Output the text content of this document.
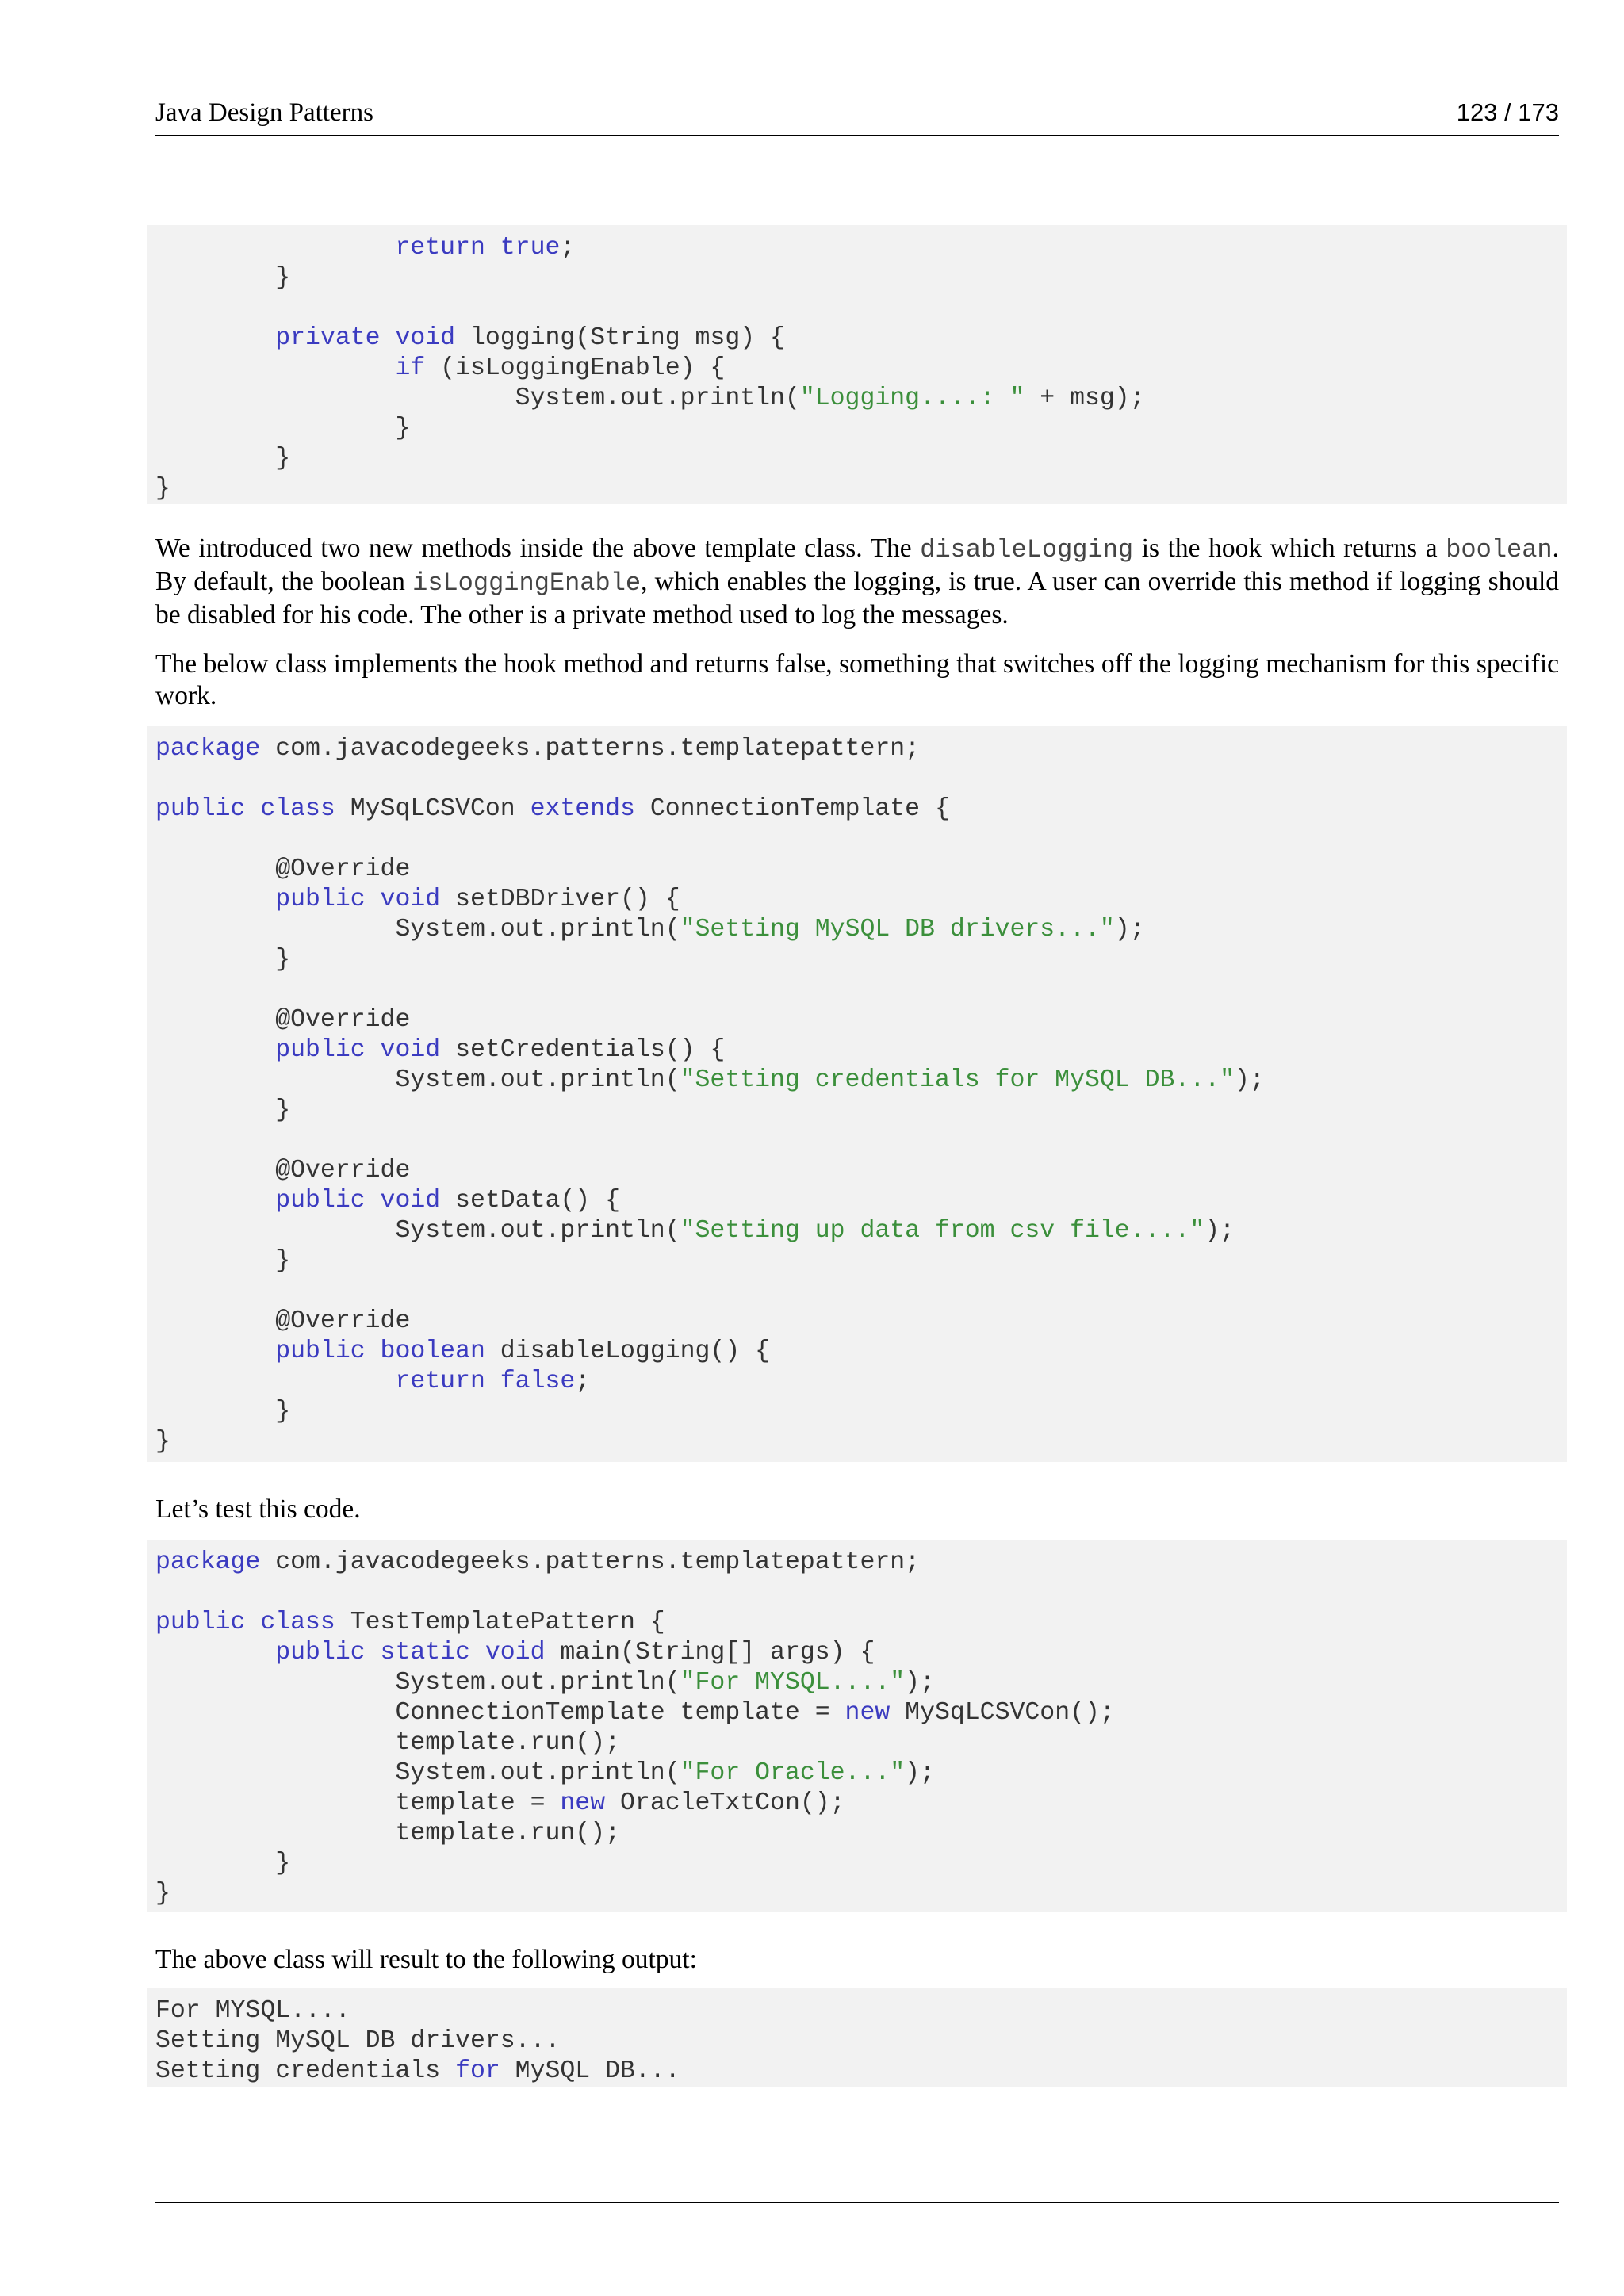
Java Design Patterns	123 / 173
return true;
}
private void logging(String msg) {
if (isLoggingEnable) {
System.out.println("Logging....: " + msg);
}
}
}
We introduced two new methods inside the above template class. The disableLogging is the hook which returns a boolean. By default, the boolean isLoggingEnable, which enables the logging, is true. A user can override this method if logging should be disabled for his code. The other is a private method used to log the messages.
The below class implements the hook method and returns false, something that switches off the logging mechanism for this specific work.
package com.javacodegeeks.patterns.templatepattern;
public class MySqLCSVCon extends ConnectionTemplate {
@Override
public void setDBDriver() {
System.out.println("Setting MySQL DB drivers...");
}
@Override
public void setCredentials() {
System.out.println("Setting credentials for MySQL DB...");
}
@Override
public void setData() {
System.out.println("Setting up data from csv file....");
}
@Override
public boolean disableLogging() {
return false;
}
}
Let’s test this code.
package com.javacodegeeks.patterns.templatepattern;
public class TestTemplatePattern {
public static void main(String[] args) {
System.out.println("For MYSQL....");
ConnectionTemplate template = new MySqLCSVCon();
template.run();
System.out.println("For Oracle...");
template = new OracleTxtCon();
template.run();
}
}
The above class will result to the following output:
For MYSQL....
Setting MySQL DB drivers...
Setting credentials for MySQL DB...
